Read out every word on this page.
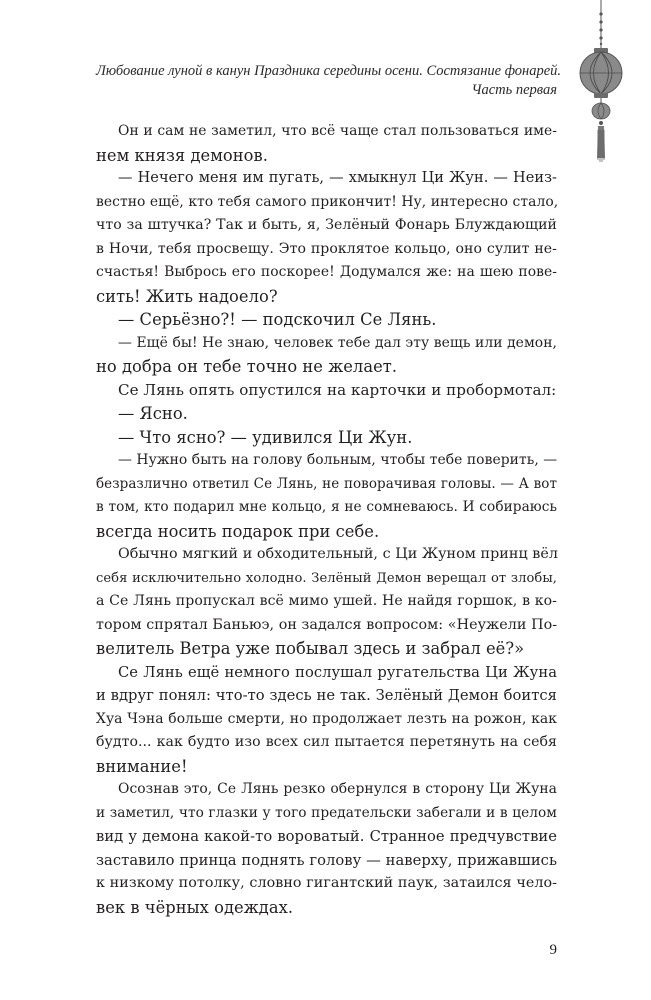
Любование луной в канун Праздника середины осени. Состязание фонарей.
Часть первая
Он и сам не заметил, что всё чаще стал пользоваться име-
нем князя демонов.
— Нечего меня им пугать, — хмыкнул Ци Жун. — Неиз-
вестно ещё, кто тебя самого прикончит! Ну, интересно стало,
что за штучка? Так и быть, я, Зелёный Фонарь Блуждающий
в Ночи, тебя просвещу. Это проклятое кольцо, оно сулит не-
счастья! Выбрось его поскорее! Додумался же: на шею пове-
сить! Жить надоело?
— Серьёзно?! — подскочил Се Лянь.
— Ещё бы! Не знаю, человек тебе дал эту вещь или демон,
но добра он тебе точно не желает.
Се Лянь опять опустился на карточки и пробормотал:
— Ясно.
— Что ясно? — удивился Ци Жун.
— Нужно быть на голову больным, чтобы тебе поверить, —
безразлично ответил Се Лянь, не поворачивая головы. — А вот
в том, кто подарил мне кольцо, я не сомневаюсь. И собираюсь
всегда носить подарок при себе.
Обычно мягкий и обходительный, с Ци Жуном принц вёл
себя исключительно холодно. Зелёный Демон верещал от злобы,
а Се Лянь пропускал всё мимо ушей. Не найдя горшок, в ко-
тором спрятал Баньюэ, он задался вопросом: «Неужели По-
велитель Ветра уже побывал здесь и забрал её?»
Се Лянь ещё немного послушал ругательства Ци Жуна
и вдруг понял: что-то здесь не так. Зелёный Демон боится
Хуа Чэна больше смерти, но продолжает лезть на рожон, как
будто... как будто изо всех сил пытается перетянуть на себя
внимание!
Осознав это, Се Лянь резко обернулся в сторону Ци Жуна
и заметил, что глазки у того предательски забегали и в целом
вид у демона какой-то вороватый. Странное предчувствие
заставило принца поднять голову — наверху, прижавшись
к низкому потолку, словно гигантский паук, затаился чело-
век в чёрных одеждах.
9
